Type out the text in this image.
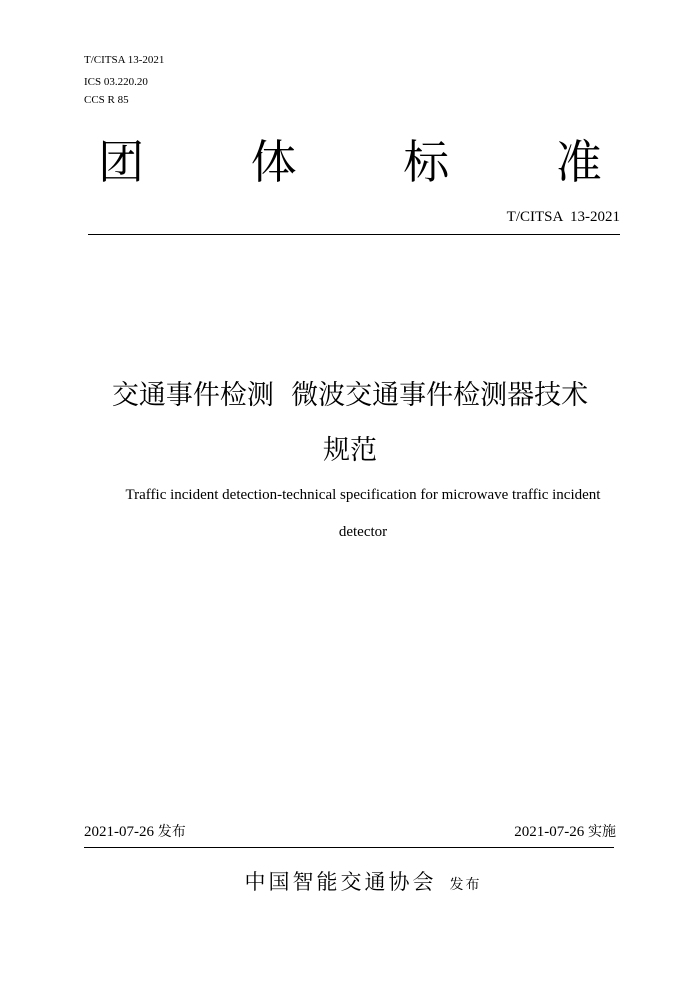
T/CITSA 13-2021
ICS 03.220.20
CCS R 85
团 体 标 准
T/CITSA  13-2021
交通事件检测  微波交通事件检测器技术
规范
Traffic incident detection-technical specification for microwave traffic incident
detector
2021-07-26 发布	2021-07-26 实施
中国智能交通协会 发布
